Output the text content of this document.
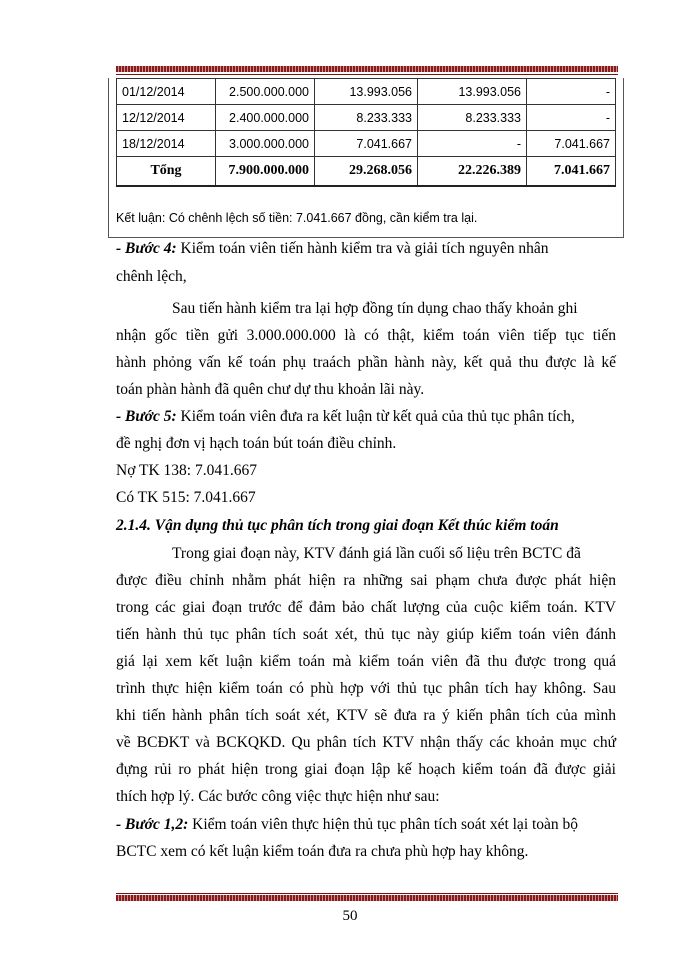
01/12/2014	2.500.000.000	13.993.056	13.993.056	-
12/12/2014	2.400.000.000	8.233.333	8.233.333	-
18/12/2014	3.000.000.000	7.041.667	-	7.041.667
Tổng	7.900.000.000	29.268.056	22.226.389	7.041.667
Kết luận: Có chênh lệch số tiền: 7.041.667 đồng, cần kiểm tra lại.
- Bước 4: Kiểm toán viên tiến hành kiểm tra và giải tích nguyên nhân
chênh lệch,
Sau tiến hành kiểm tra lại hợp đồng tín dụng chao thấy khoản ghi
nhận gốc tiền gửi 3.000.000.000 là có thật, kiểm toán viên tiếp tục tiến
hành phỏng vấn kế toán phụ traách phần hành này, kết quả thu được là kế
toán phàn hành đã quên chư dự thu khoản lãi này.
- Bước 5: Kiểm toán viên đưa ra kết luận từ kết quả của thủ tục phân tích,
đề nghị đơn vị hạch toán bút toán điều chỉnh.
Nợ TK 138: 7.041.667
Có TK 515: 7.041.667
2.1.4. Vận dụng thủ tục phân tích trong giai đoạn Kết thúc kiểm toán
Trong giai đoạn này, KTV đánh giá lần cuối số liệu trên BCTC đã
được điều chỉnh nhằm phát hiện ra những sai phạm chưa được phát hiện
trong các giai đoạn trước để đảm bảo chất lượng của cuộc kiểm toán. KTV
tiến hành thủ tục phân tích soát xét, thủ tục này giúp kiểm toán viên đánh
giá lại xem kết luận kiểm toán mà kiểm toán viên đã thu được trong quá
trình thực hiện kiểm toán có phù hợp với thủ tục phân tích hay không. Sau
khi tiến hành phân tích soát xét, KTV sẽ đưa ra ý kiến phân tích của mình
về BCĐKT và BCKQKD. Qu phân tích KTV nhận thấy các khoản mục chứ
đựng rủi ro phát hiện trong giai đoạn lập kế hoạch kiểm toán đã được giải
thích hợp lý. Các bước công việc thực hiện như sau:
- Bước 1,2: Kiểm toán viên thực hiện thủ tục phân tích soát xét lại toàn bộ
BCTC xem có kết luận kiểm toán đưa ra chưa phù hợp hay không.
50
